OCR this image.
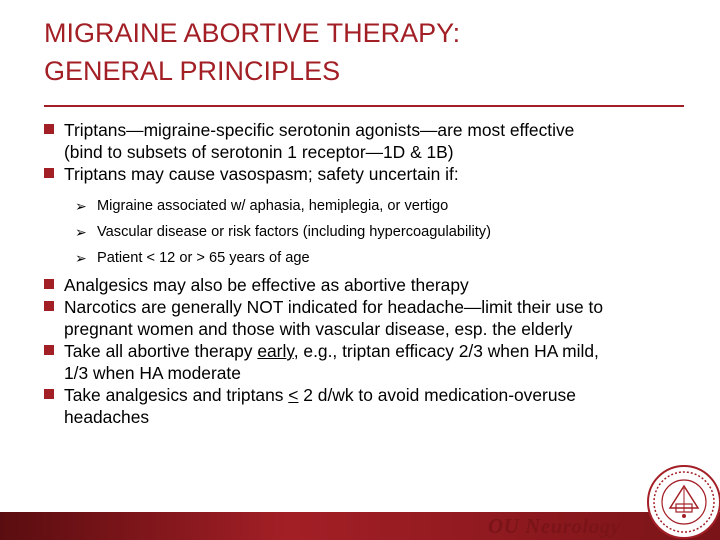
MIGRAINE ABORTIVE THERAPY:
GENERAL PRINCIPLES
Triptans—migraine-specific serotonin agonists—are most effective
(bind to subsets of serotonin 1 receptor—1D & 1B)
Triptans may cause vasospasm; safety uncertain if:
➢ Migraine associated w/ aphasia, hemiplegia, or vertigo
➢ Vascular disease or risk factors (including hypercoagulability)
➢ Patient < 12 or > 65 years of age
Analgesics may also be effective as abortive therapy
Narcotics are generally NOT indicated for headache—limit their use to
pregnant women and those with vascular disease, esp. the elderly
Take all abortive therapy early, e.g., triptan efficacy 2/3 when HA mild,
1/3 when HA moderate
Take analgesics and triptans < 2 d/wk to avoid medication-overuse
headaches
OU Neurology
